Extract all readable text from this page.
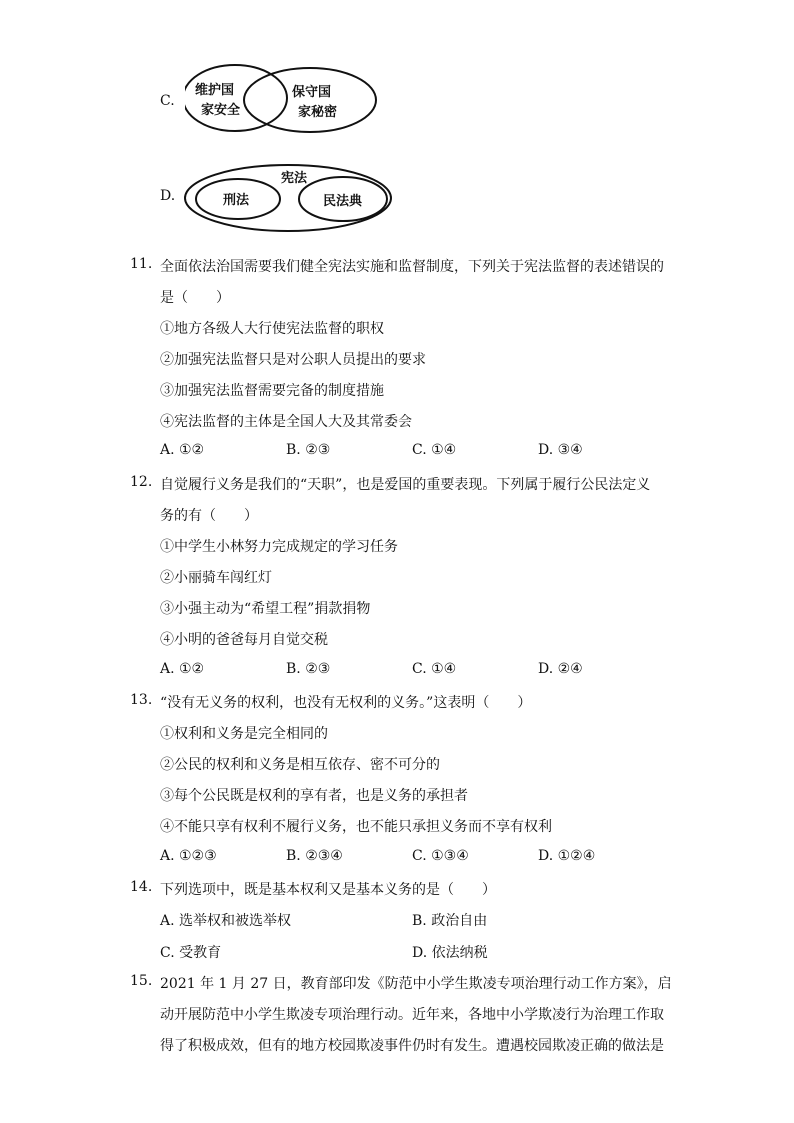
C.
维护国
家安全
保守国
家秘密
D.
宪法
刑法	民法典
11. 全面依法治国需要我们健全宪法实施和监督制度，下列关于宪法监督的表述错误的
是（　　）
①地方各级人大行使宪法监督的职权
②加强宪法监督只是对公职人员提出的要求
③加强宪法监督需要完备的制度措施
④宪法监督的主体是全国人大及其常委会
A. ①②	B. ②③	C. ①④	D. ③④
12. 自觉履行义务是我们的“天职”，也是爱国的重要表现。下列属于履行公民法定义
务的有（　　）
①中学生小林努力完成规定的学习任务
②小丽骑车闯红灯
③小强主动为“希望工程”捐款捐物
④小明的爸爸每月自觉交税
A. ①②	B. ②③	C. ①④	D. ②④
13. “没有无义务的权利，也没有无权利的义务。”这表明（　　）
①权利和义务是完全相同的
②公民的权利和义务是相互依存、密不可分的
③每个公民既是权利的享有者，也是义务的承担者
④不能只享有权利不履行义务，也不能只承担义务而不享有权利
A. ①②③	B. ②③④	C. ①③④	D. ①②④
14. 下列选项中，既是基本权利又是基本义务的是（　　）
A. 选举权和被选举权	B. 政治自由
C. 受教育	D. 依法纳税
15. 2021 年 1 月 27 日，教育部印发《防范中小学生欺凌专项治理行动工作方案》，启
动开展防范中小学生欺凌专项治理行动。近年来，各地中小学欺凌行为治理工作取
得了积极成效，但有的地方校园欺凌事件仍时有发生。遭遇校园欺凌正确的做法是
